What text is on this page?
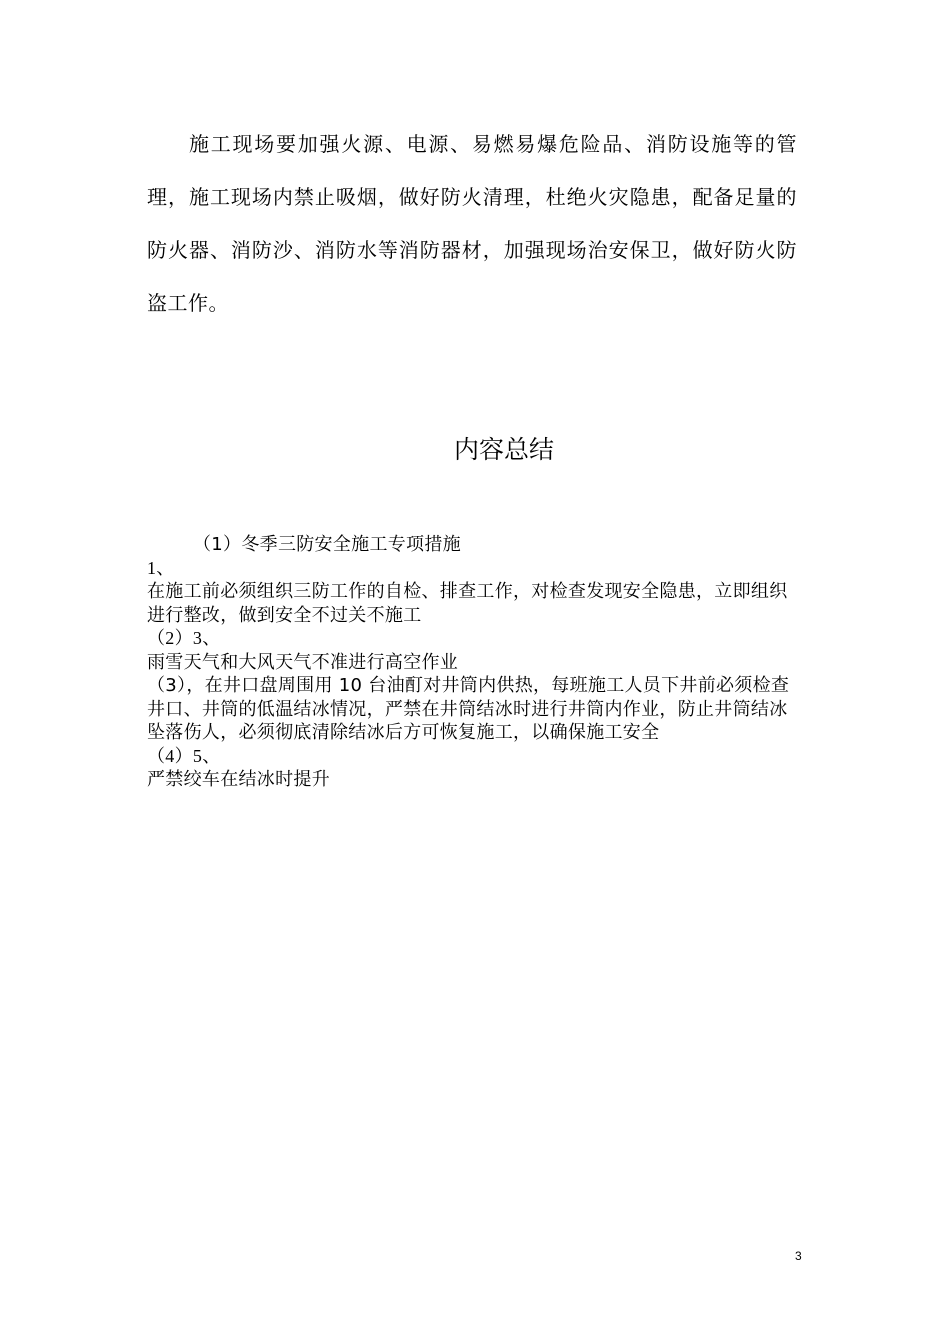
施工现场要加强火源、电源、易燃易爆危险品、消防设施等的管理，施工现场内禁止吸烟，做好防火清理，杜绝火灾隐患，配备足量的防火器、消防沙、消防水等消防器材，加强现场治安保卫，做好防火防盗工作。

内容总结
（1）冬季三防安全施工专项措施
1、
在施工前必须组织三防工作的自检、排查工作，对检查发现安全隐患，立即组织进行整改，做到安全不过关不施工
（2）3、
雨雪天气和大风天气不准进行高空作业
（3），在井口盘周围用 10 台油酊对井筒内供热，每班施工人员下井前必须检查井口、井筒的低温结冰情况，严禁在井筒结冰时进行井筒内作业，防止井筒结冰坠落伤人，必须彻底清除结冰后方可恢复施工，以确保施工安全
（4）5、
严禁绞车在结冰时提升
3
